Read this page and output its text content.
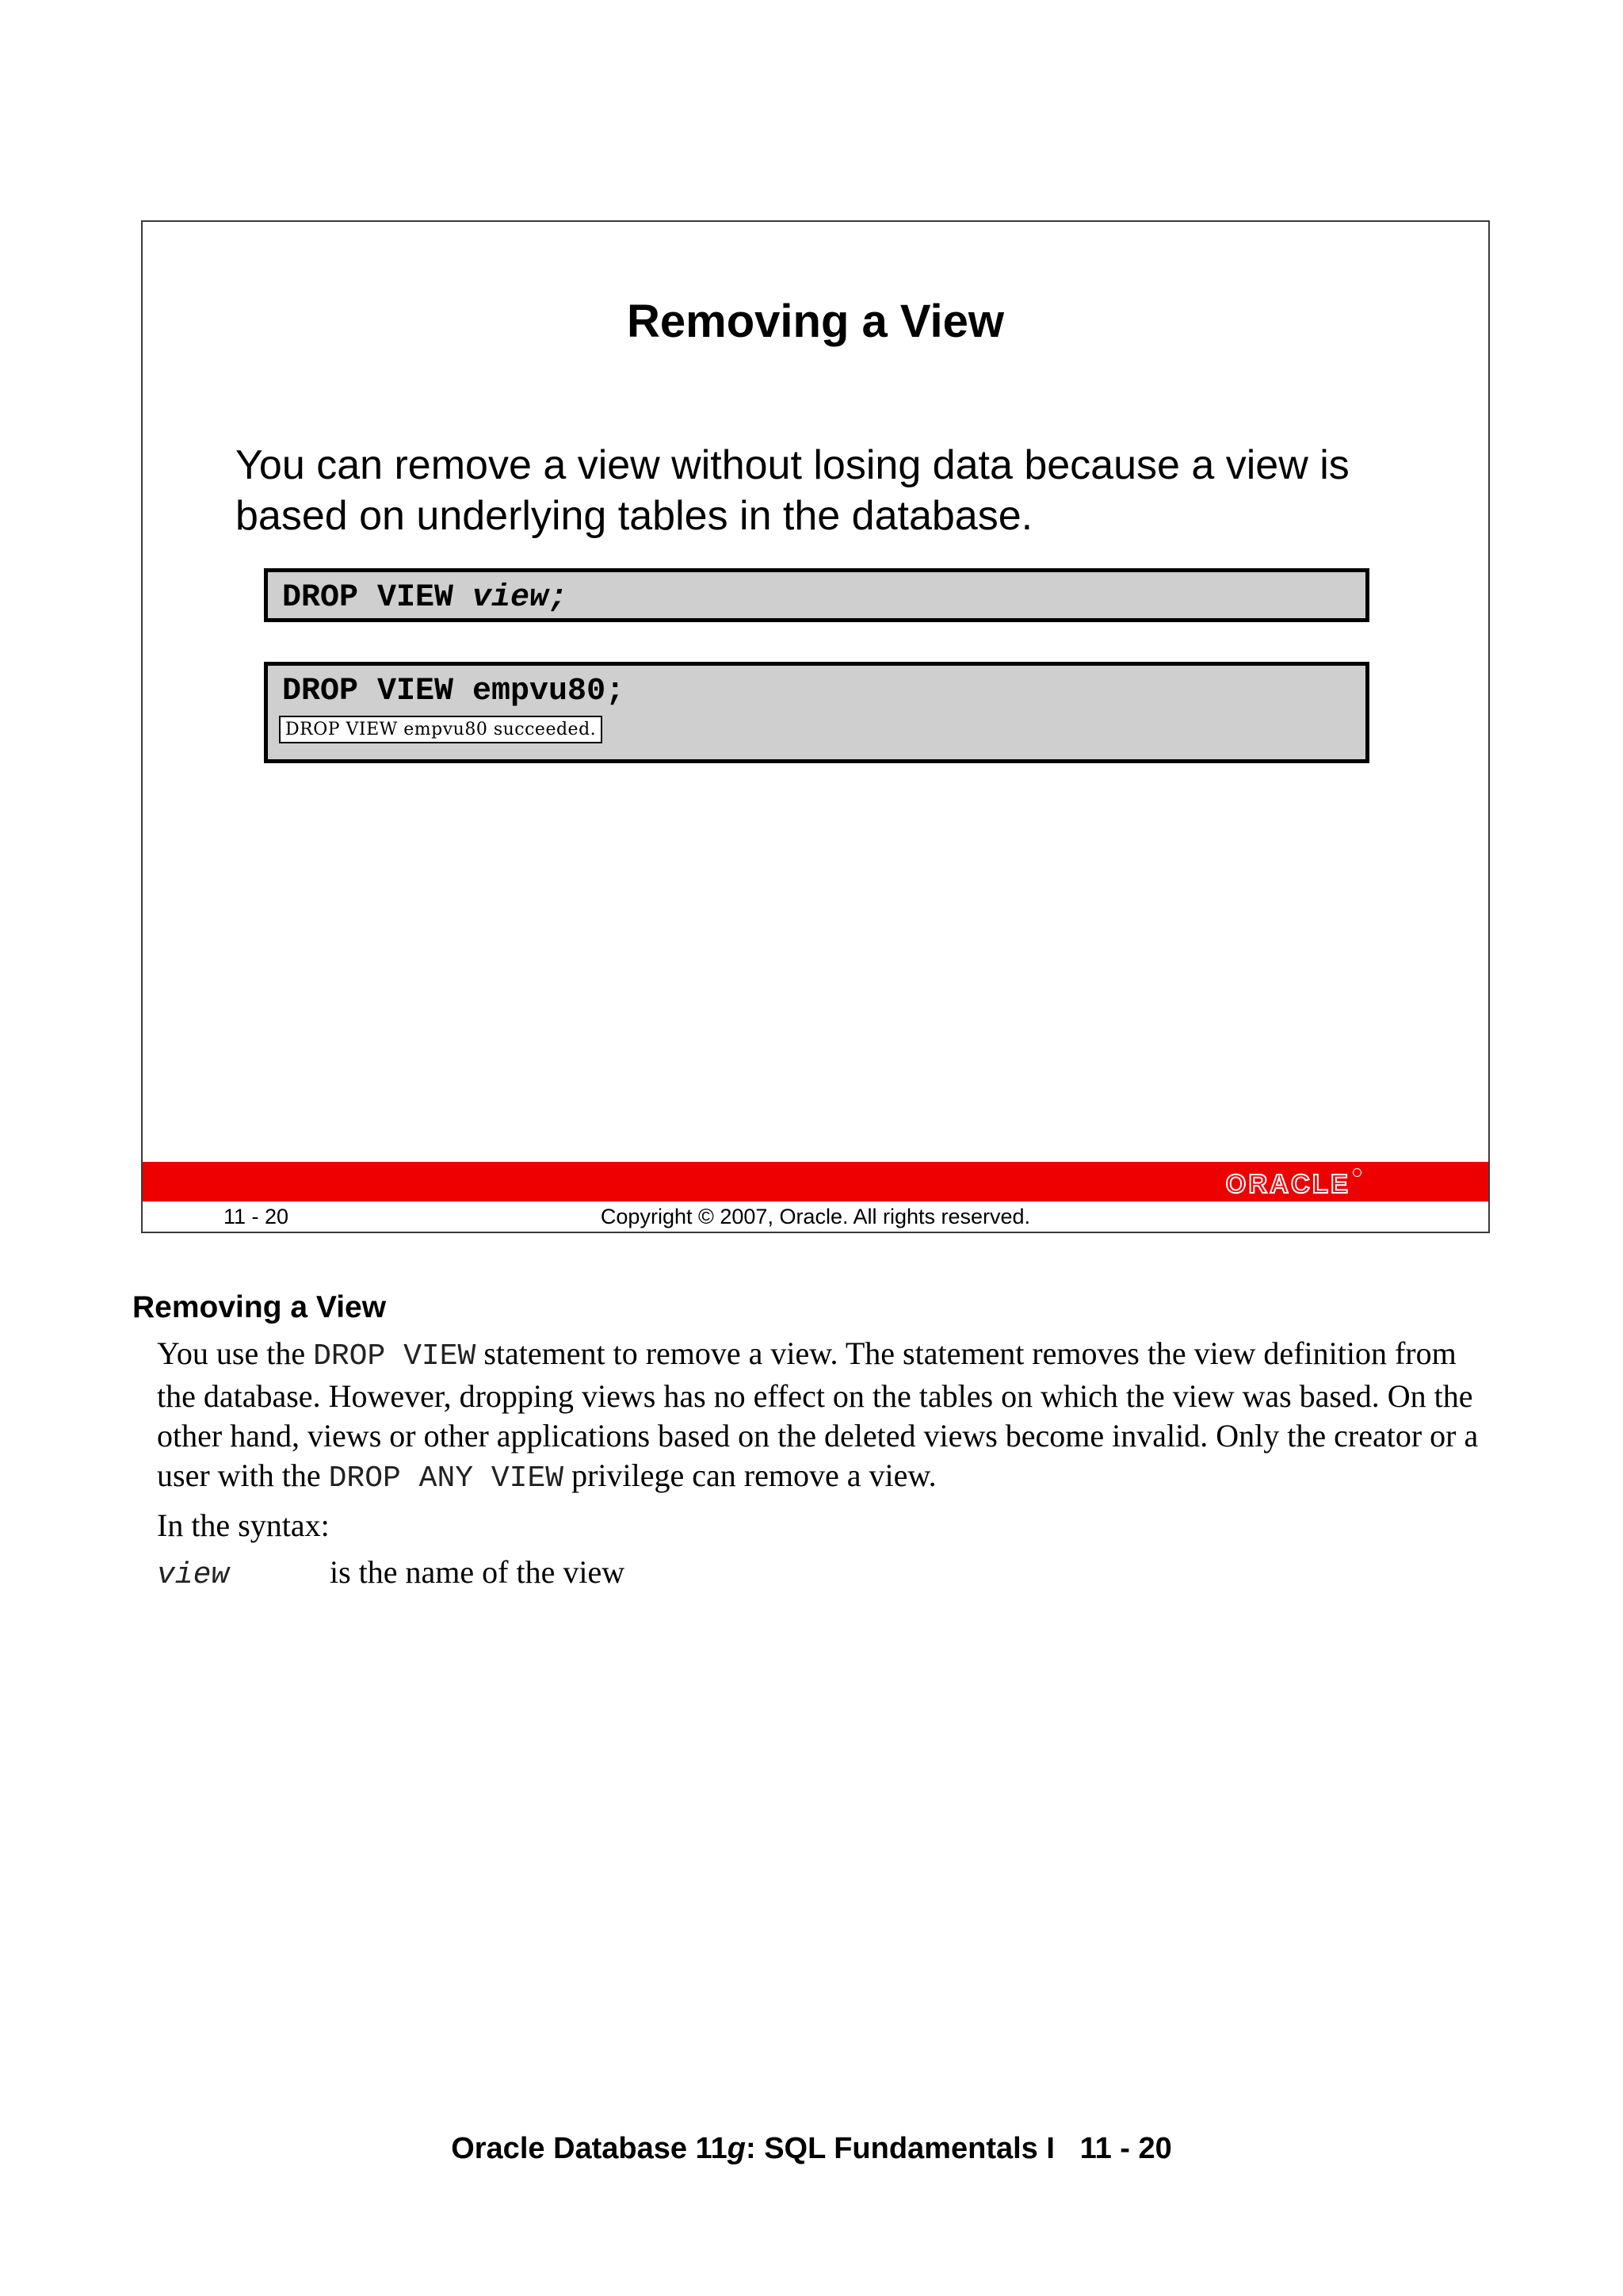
Removing a View
You can remove a view without losing data because a view is based on underlying tables in the database.
DROP VIEW view;
DROP VIEW empvu80;
DROP VIEW empvu80 succeeded.
ORACLE
11 - 20	Copyright © 2007, Oracle. All rights reserved.
Removing a View
You use the DROP VIEW statement to remove a view. The statement removes the view definition from the database. However, dropping views has no effect on the tables on which the view was based. On the other hand, views or other applications based on the deleted views become invalid. Only the creator or a user with the DROP ANY VIEW privilege can remove a view.
In the syntax:
view	is the name of the view
Oracle Database 11g: SQL Fundamentals I   11 - 20
